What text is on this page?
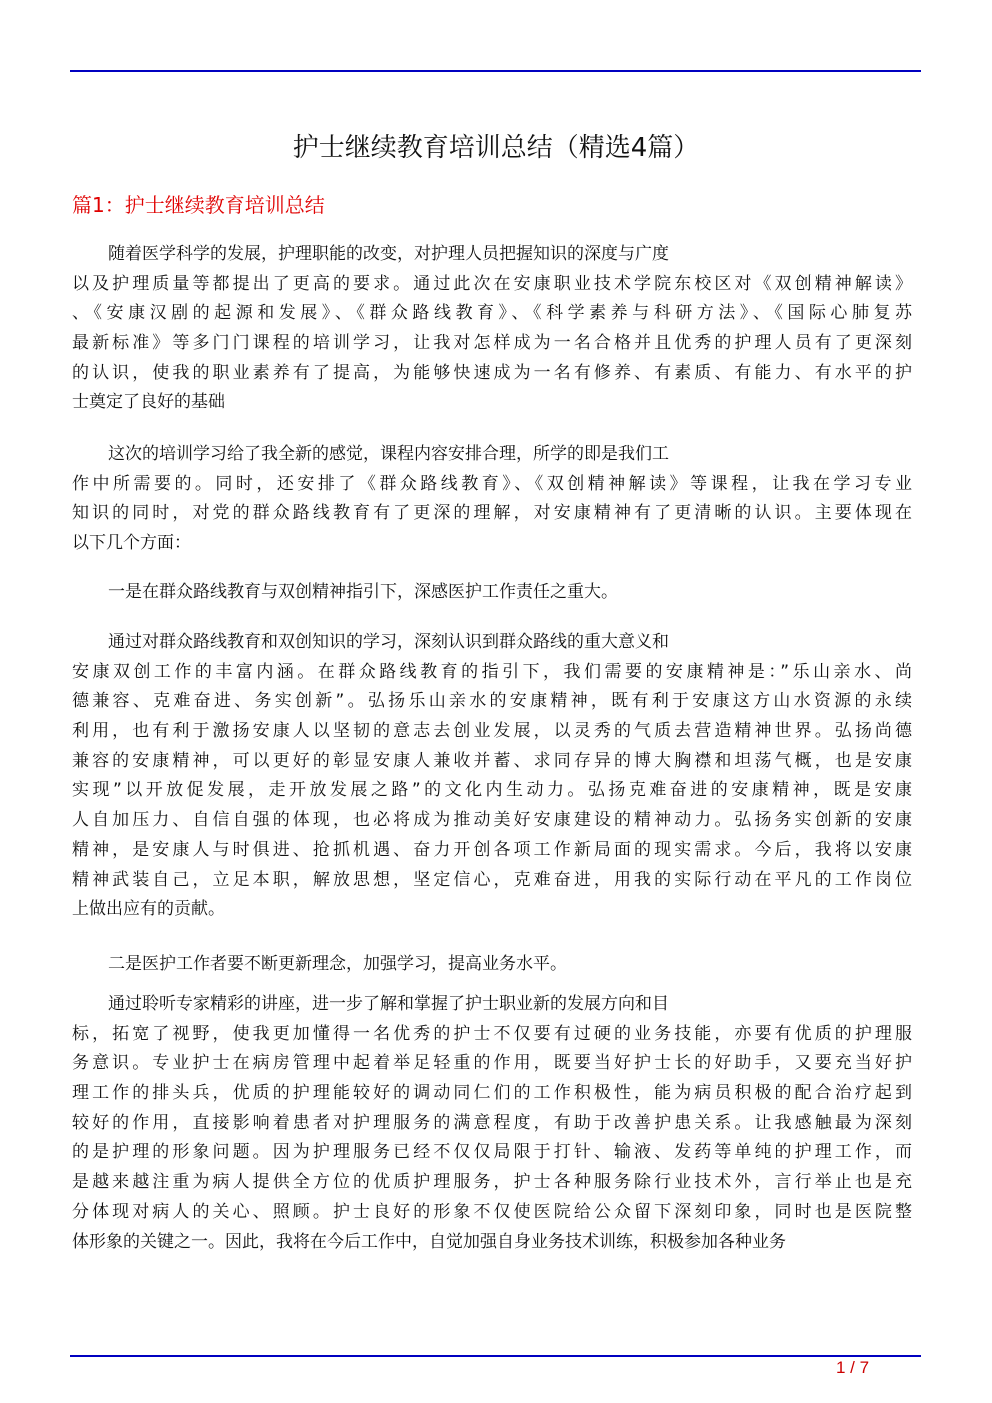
护士继续教育培训总结（精选4篇）
篇1：护士继续教育培训总结
随着医学科学的发展，护理职能的改变，对护理人员把握知识的深度与广度
以及护理质量等都提出了更高的要求。通过此次在安康职业技术学院东校区对《双创精神解读》
、《安康汉剧的起源和发展》、《群众路线教育》、《科学素养与科研方法》、《国际心肺复苏
最新标准》等多门门课程的培训学习，让我对怎样成为一名合格并且优秀的护理人员有了更深刻
的认识，使我的职业素养有了提高，为能够快速成为一名有修养、有素质、有能力、有水平的护
士奠定了良好的基础
这次的培训学习给了我全新的感觉，课程内容安排合理，所学的即是我们工
作中所需要的。同时，还安排了《群众路线教育》、《双创精神解读》等课程，让我在学习专业
知识的同时，对党的群众路线教育有了更深的理解，对安康精神有了更清晰的认识。主要体现在
以下几个方面：
一是在群众路线教育与双创精神指引下，深感医护工作责任之重大。
通过对群众路线教育和双创知识的学习，深刻认识到群众路线的重大意义和
安康双创工作的丰富内涵。在群众路线教育的指引下，我们需要的安康精神是：”乐山亲水、尚
德兼容、克难奋进、务实创新”。弘扬乐山亲水的安康精神，既有利于安康这方山水资源的永续
利用，也有利于激扬安康人以坚韧的意志去创业发展，以灵秀的气质去营造精神世界。弘扬尚德
兼容的安康精神，可以更好的彰显安康人兼收并蓄、求同存异的博大胸襟和坦荡气概，也是安康
实现”以开放促发展，走开放发展之路”的文化内生动力。弘扬克难奋进的安康精神，既是安康
人自加压力、自信自强的体现，也必将成为推动美好安康建设的精神动力。弘扬务实创新的安康
精神，是安康人与时俱进、抢抓机遇、奋力开创各项工作新局面的现实需求。今后，我将以安康
精神武装自己，立足本职，解放思想，坚定信心，克难奋进，用我的实际行动在平凡的工作岗位
上做出应有的贡献。
二是医护工作者要不断更新理念，加强学习，提高业务水平。
通过聆听专家精彩的讲座，进一步了解和掌握了护士职业新的发展方向和目
标，拓宽了视野，使我更加懂得一名优秀的护士不仅要有过硬的业务技能，亦要有优质的护理服
务意识。专业护士在病房管理中起着举足轻重的作用，既要当好护士长的好助手，又要充当好护
理工作的排头兵，优质的护理能较好的调动同仁们的工作积极性，能为病员积极的配合治疗起到
较好的作用，直接影响着患者对护理服务的满意程度，有助于改善护患关系。让我感触最为深刻
的是护理的形象问题。因为护理服务已经不仅仅局限于打针、输液、发药等单纯的护理工作，而
是越来越注重为病人提供全方位的优质护理服务，护士各种服务除行业技术外，言行举止也是充
分体现对病人的关心、照顾。护士良好的形象不仅使医院给公众留下深刻印象，同时也是医院整
体形象的关键之一。因此，我将在今后工作中，自觉加强自身业务技术训练，积极参加各种业务
1 / 7
